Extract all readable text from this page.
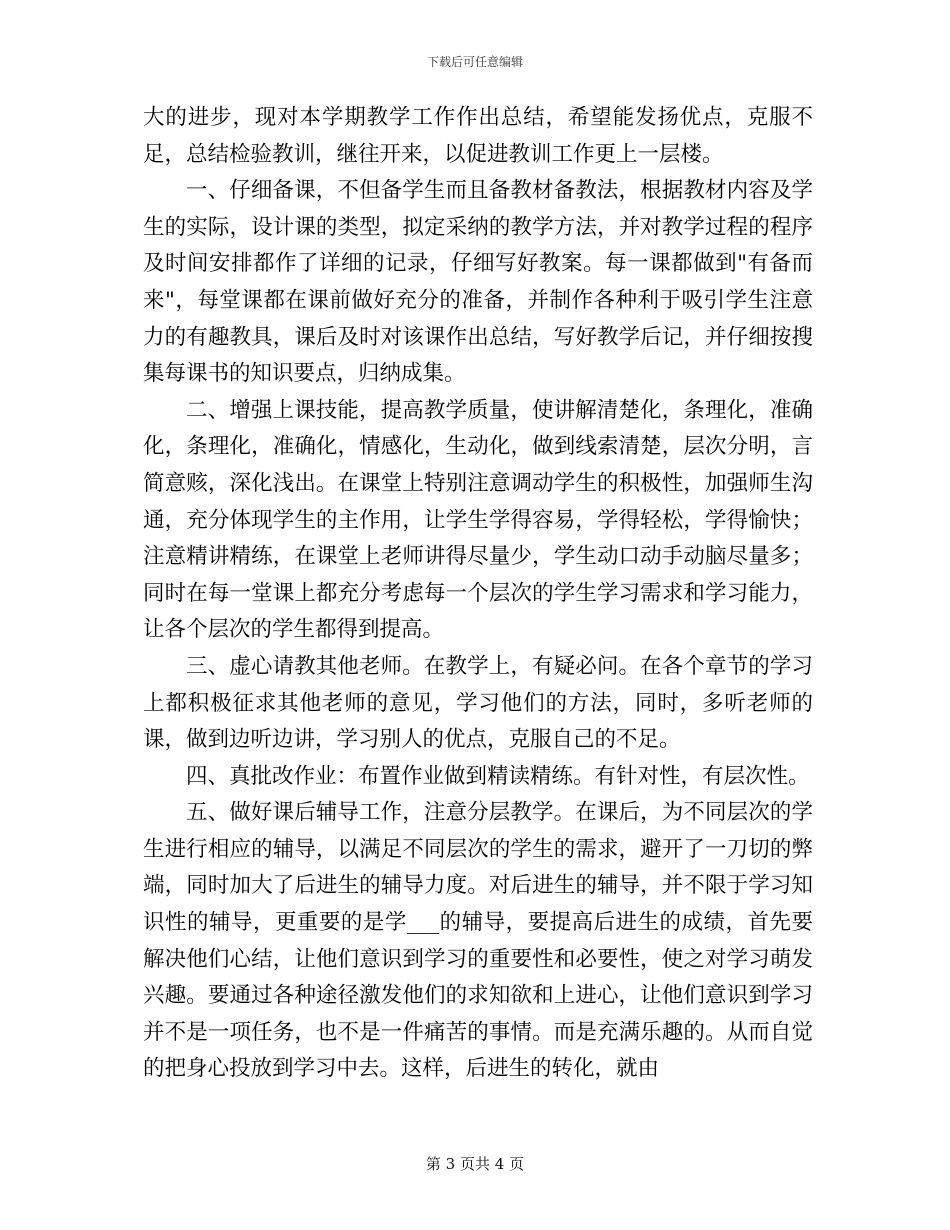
下载后可任意编辑

大的进步，现对本学期教学工作作出总结，希望能发扬优点，克服不足，总结检验教训，继往开来，以促进教训工作更上一层楼。

一、仔细备课，不但备学生而且备教材备教法，根据教材内容及学生的实际，设计课的类型，拟定采纳的教学方法，并对教学过程的程序及时间安排都作了详细的记录，仔细写好教案。每一课都做到"有备而来"，每堂课都在课前做好充分的准备，并制作各种利于吸引学生注意力的有趣教具，课后及时对该课作出总结，写好教学后记，并仔细按搜集每课书的知识要点，归纳成集。

二、增强上课技能，提高教学质量，使讲解清楚化，条理化，准确化，条理化，准确化，情感化，生动化，做到线索清楚，层次分明，言简意赅，深化浅出。在课堂上特别注意调动学生的积极性，加强师生沟通，充分体现学生的主作用，让学生学得容易，学得轻松，学得愉快；注意精讲精练，在课堂上老师讲得尽量少，学生动口动手动脑尽量多；同时在每一堂课上都充分考虑每一个层次的学生学习需求和学习能力，让各个层次的学生都得到提高。

三、虚心请教其他老师。在教学上，有疑必问。在各个章节的学习上都积极征求其他老师的意见，学习他们的方法，同时，多听老师的课，做到边听边讲，学习别人的优点，克服自己的不足。

四、真批改作业：布置作业做到精读精练。有针对性，有层次性。

五、做好课后辅导工作，注意分层教学。在课后，为不同层次的学生进行相应的辅导，以满足不同层次的学生的需求，避开了一刀切的弊端，同时加大了后进生的辅导力度。对后进生的辅导，并不限于学习知识性的辅导，更重要的是学___的辅导，要提高后进生的成绩，首先要解决他们心结，让他们意识到学习的重要性和必要性，使之对学习萌发兴趣。要通过各种途径激发他们的求知欲和上进心，让他们意识到学习并不是一项任务，也不是一件痛苦的事情。而是充满乐趣的。从而自觉的把身心投放到学习中去。这样，后进生的转化，就由

第 3 页共 4 页
